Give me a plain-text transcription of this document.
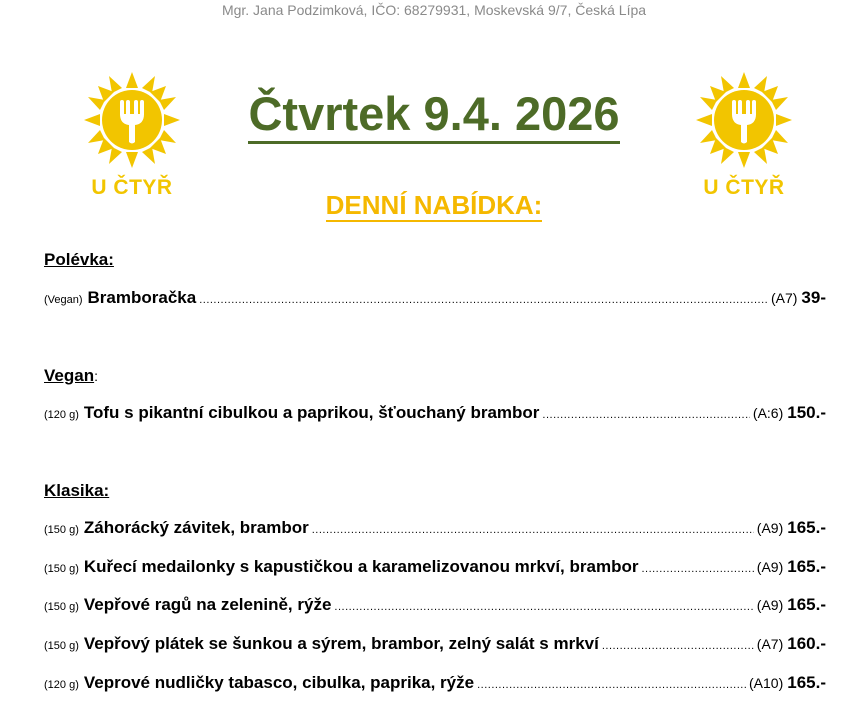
Mgr. Jana Podzimková, IČO: 68279931, Moskevská 9/7, Česká Lípa
U ČTYŘ	U ČTYŘ
Čtvrtek 9.4. 2026
DENNÍ NABÍDKA:
Polévka:
(Vegan) Bramboračka .....	(A7) 39-
Vegan:
(120 g) Tofu s pikantní cibulkou a paprikou, šťouchaný brambor .....	(A:6) 150.-
Klasika:
(150 g) Záhorácký závitek, brambor .....	(A9) 165.-
(150 g) Kuřecí medailonky s kapustičkou a karamelizovanou mrkví, brambor .....	(A9) 165.-
(150 g) Vepřové ragů na zelenině, rýže .....	(A9) 165.-
(150 g) Vepřový plátek se šunkou a sýrem, brambor, zelný salát s mrkví .....	(A7) 160.-
(120 g) Veprové nudličky tabasco, cibulka, paprika, rýže .....	(A10) 165.-
